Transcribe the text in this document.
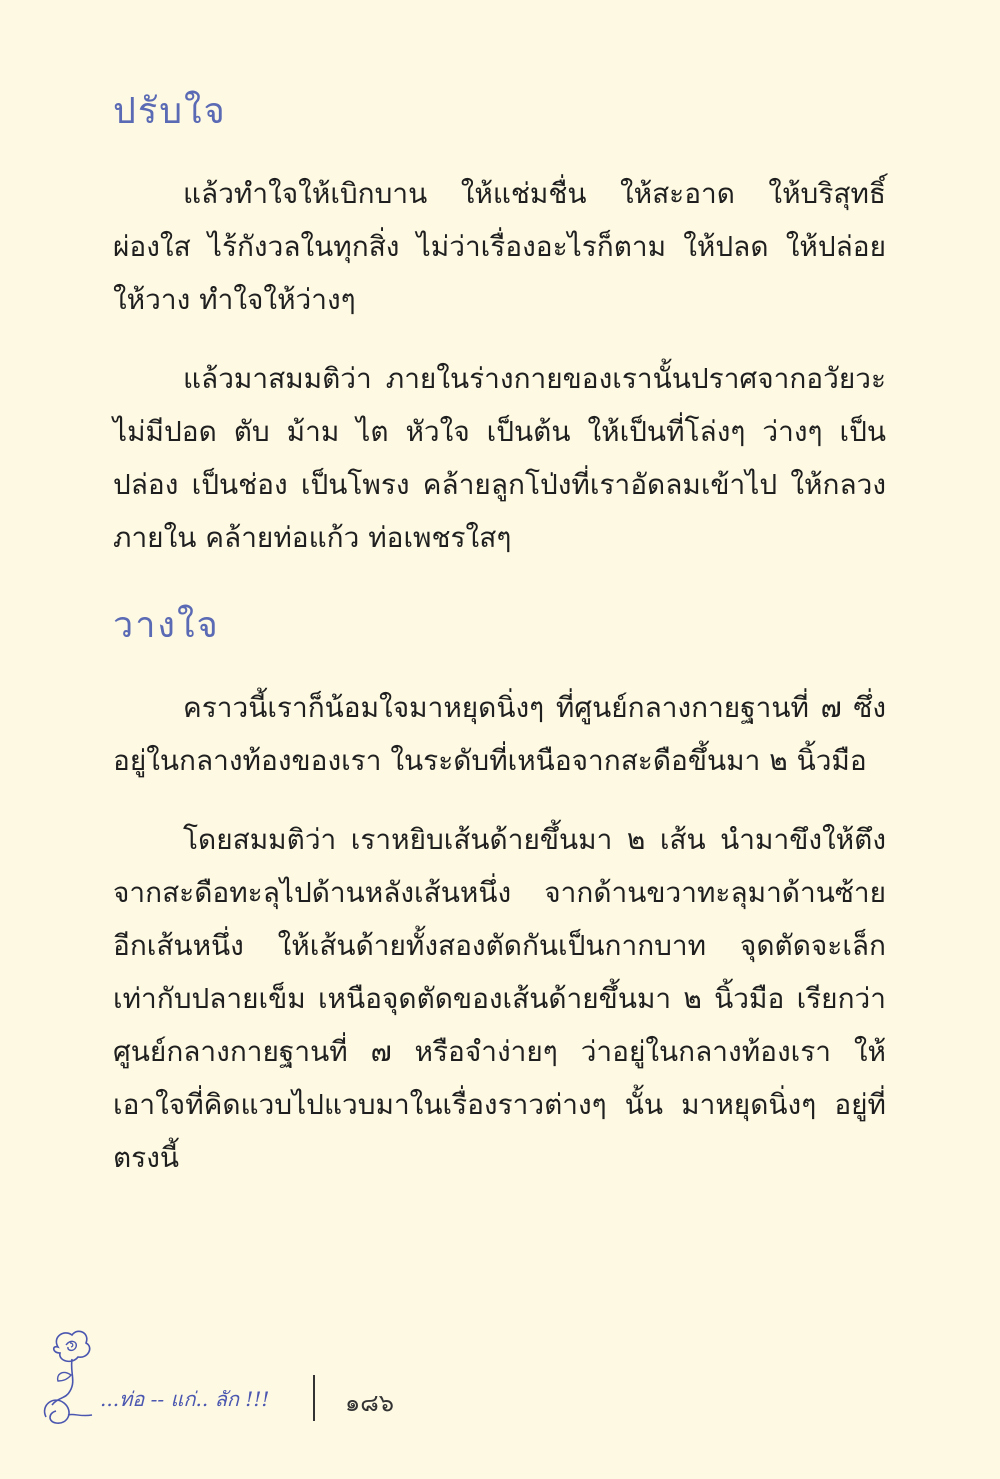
ปรับใจ

แล้วทำใจให้เบิกบาน ให้แช่มชื่น ให้สะอาด ให้บริสุทธิ์ ผ่องใส ไร้กังวลในทุกสิ่ง ไม่ว่าเรื่องอะไรก็ตาม ให้ปลด ให้ปล่อย ให้วาง ทำใจให้ว่างๆ

แล้วมาสมมติว่า ภายในร่างกายของเรานั้นปราศจากอวัยวะ ไม่มีปอด ตับ ม้าม ไต หัวใจ เป็นต้น ให้เป็นที่โล่งๆ ว่างๆ เป็นปล่อง เป็นช่อง เป็นโพรง คล้ายลูกโป่งที่เราอัดลมเข้าไป ให้กลวงภายใน คล้ายท่อแก้ว ท่อเพชรใสๆ

วางใจ

คราวนี้เราก็น้อมใจมาหยุดนิ่งๆ ที่ศูนย์กลางกายฐานที่ ๗ ซึ่งอยู่ในกลางท้องของเรา ในระดับที่เหนือจากสะดือขึ้นมา ๒ นิ้วมือ

โดยสมมติว่า เราหยิบเส้นด้ายขึ้นมา ๒ เส้น นำมาขึงให้ตึงจากสะดือทะลุไปด้านหลังเส้นหนึ่ง จากด้านขวาทะลุมาด้านซ้ายอีกเส้นหนึ่ง ให้เส้นด้ายทั้งสองตัดกันเป็นกากบาท จุดตัดจะเล็กเท่ากับปลายเข็ม เหนือจุดตัดของเส้นด้ายขึ้นมา ๒ นิ้วมือ เรียกว่าศูนย์กลางกายฐานที่ ๗ หรือจำง่ายๆ ว่าอยู่ในกลางท้องเรา ให้เอาใจที่คิดแวบไปแวบมาในเรื่องราวต่างๆ นั้น มาหยุดนิ่งๆ อยู่ที่ตรงนี้

...ท่อ -- แก่.. ลัก !!!	๑๘๖
